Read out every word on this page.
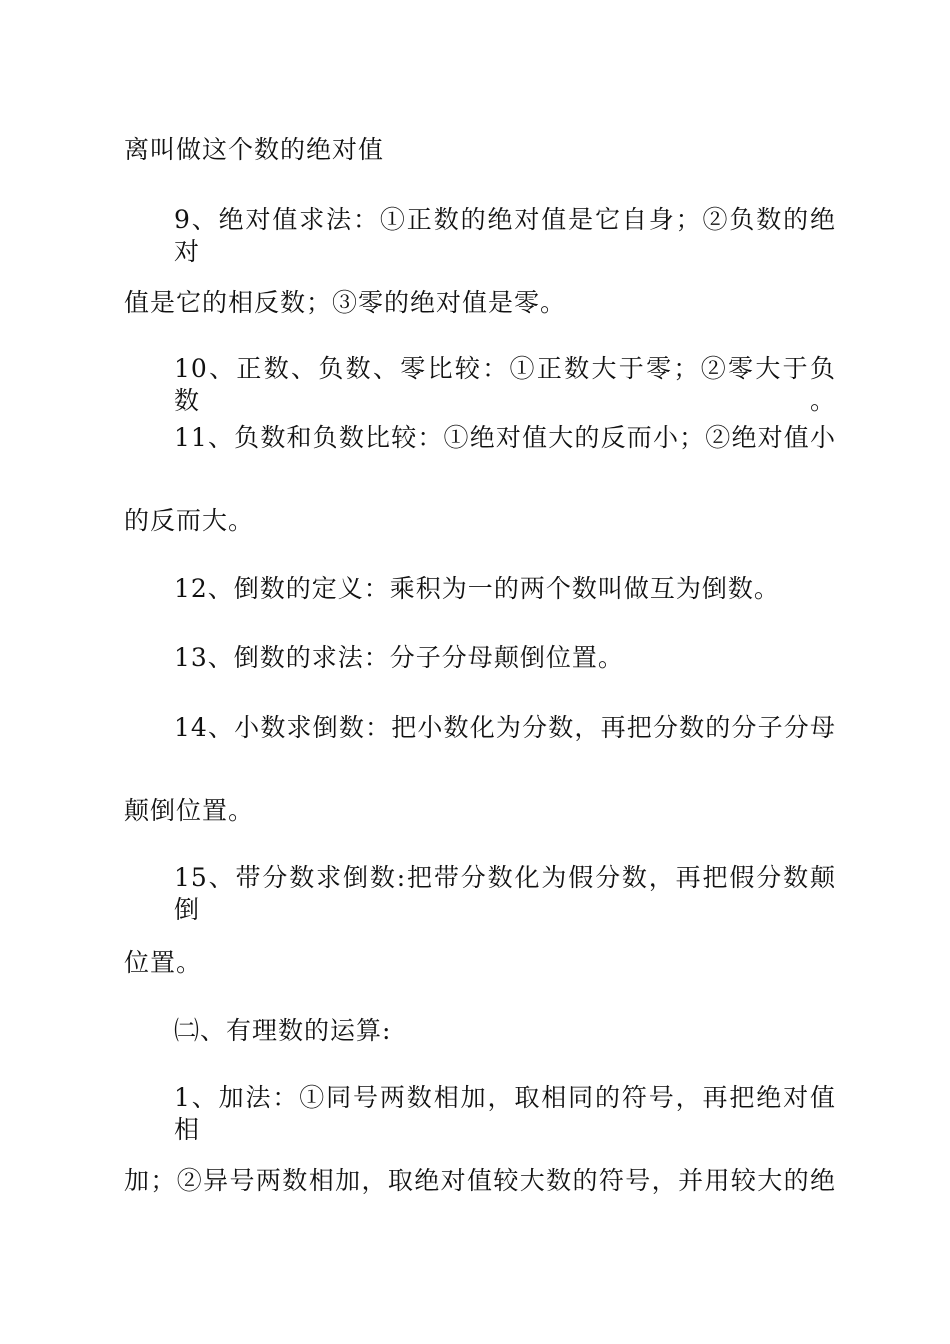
离叫做这个数的绝对值
9、绝对值求法：①正数的绝对值是它自身；②负数的绝对
值是它的相反数；③零的绝对值是零。
10、正数、负数、零比较：①正数大于零；②零大于负数。
11、负数和负数比较：①绝对值大的反而小；②绝对值小
的反而大。
12、倒数的定义：乘积为一的两个数叫做互为倒数。
13、倒数的求法：分子分母颠倒位置。
14、小数求倒数：把小数化为分数，再把分数的分子分母
颠倒位置。
15、带分数求倒数:把带分数化为假分数，再把假分数颠倒
位置。
㈡、有理数的运算:
1、加法：①同号两数相加，取相同的符号，再把绝对值相
加；②异号两数相加，取绝对值较大数的符号，并用较大的绝
